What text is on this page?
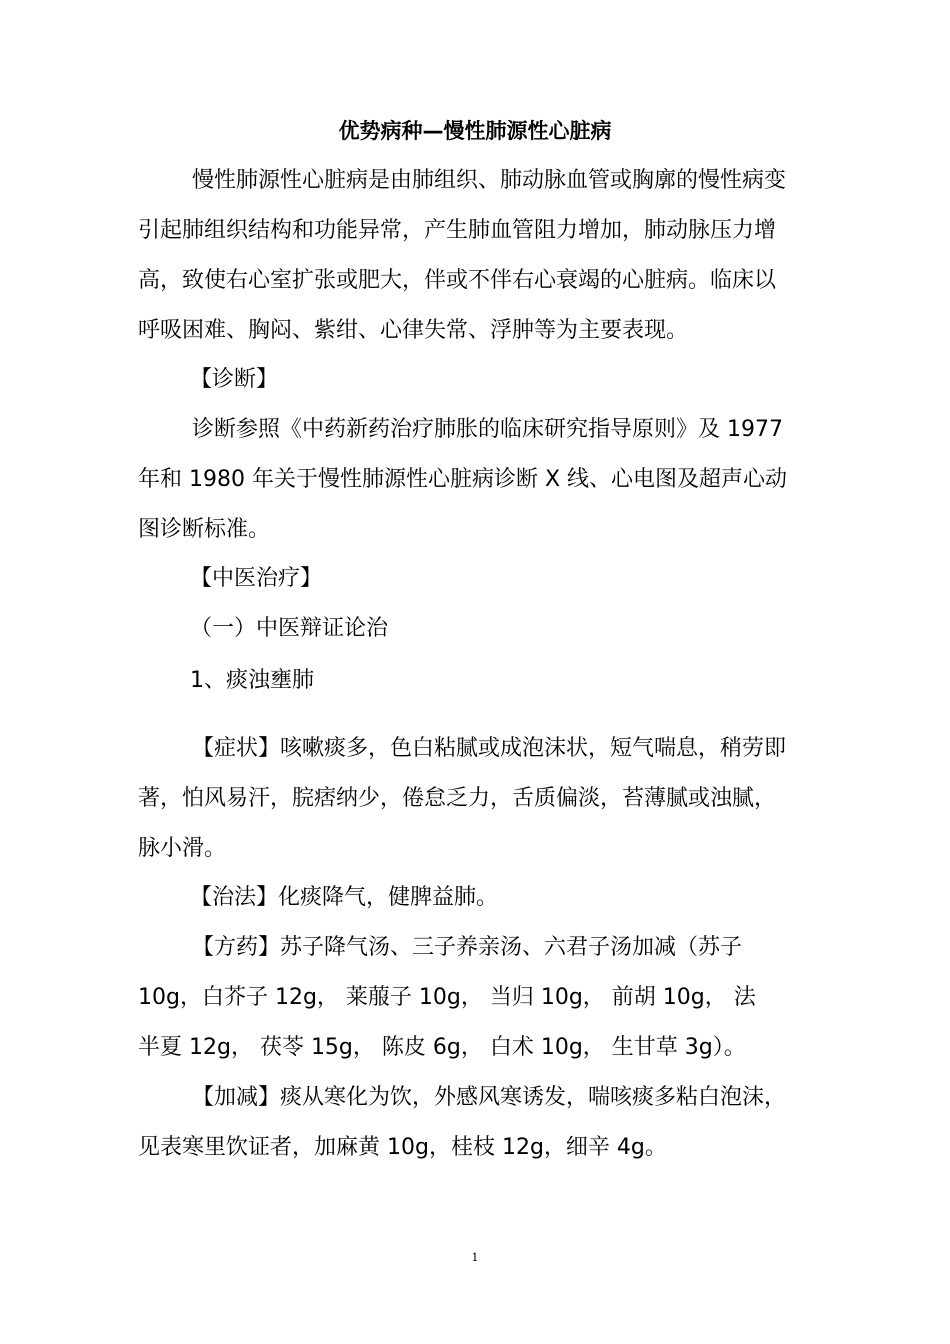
优势病种—慢性肺源性心脏病
慢性肺源性心脏病是由肺组织、肺动脉血管或胸廓的慢性病变
引起肺组织结构和功能异常，产生肺血管阻力增加，肺动脉压力增
高，致使右心室扩张或肥大，伴或不伴右心衰竭的心脏病。临床以
呼吸困难、胸闷、紫绀、心律失常、浮肿等为主要表现。
【诊断】
诊断参照《中药新药治疗肺胀的临床研究指导原则》及 1977
年和 1980 年关于慢性肺源性心脏病诊断 X 线、心电图及超声心动
图诊断标准。
【中医治疗】
（一）中医辩证论治
1、痰浊壅肺
【症状】咳嗽痰多，色白粘腻或成泡沫状，短气喘息，稍劳即
著，怕风易汗，脘痞纳少，倦怠乏力，舌质偏淡，苔薄腻或浊腻，
脉小滑。
【治法】化痰降气，健脾益肺。
【方药】苏子降气汤、三子养亲汤、六君子汤加减（苏子
10g，白芥子 12g， 莱菔子 10g， 当归 10g， 前胡 10g， 法
半夏 12g， 茯苓 15g， 陈皮 6g， 白术 10g， 生甘草 3g）。
【加减】痰从寒化为饮，外感风寒诱发，喘咳痰多粘白泡沫，
见表寒里饮证者，加麻黄 10g，桂枝 12g，细辛 4g。
1
